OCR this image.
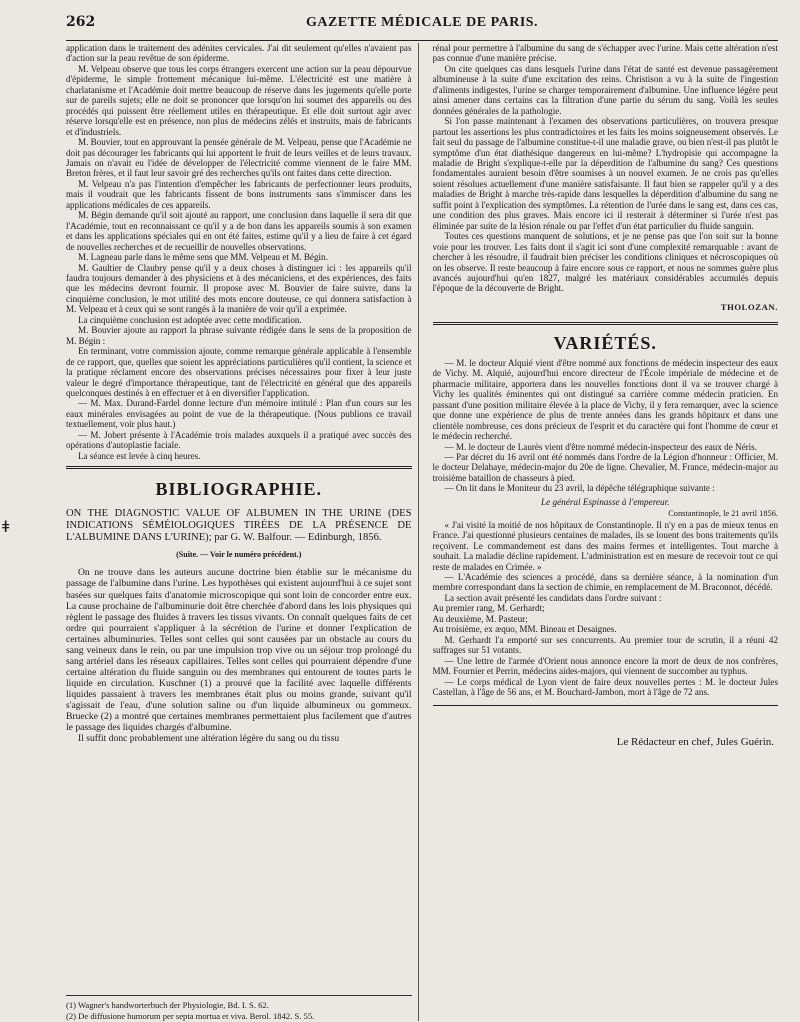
ǂ
262	GAZETTE MÉDICALE DE PARIS.

application dans le traitement des adénites cervicales. J'ai dit seulement qu'elles n'avaient pas d'action sur la peau revêtue de son épiderme.

M. Velpeau observe que tous les corps étrangers exercent une action sur la peau dépourvue d'épiderme, le simple frottement mécanique lui-même. L'électricité est une matière à charlatanisme et l'Académie doit mettre beaucoup de réserve dans les jugements qu'elle porte sur de pareils sujets; elle ne doit se prononcer que lorsqu'on lui soumet des appareils ou des procédés qui puissent être réellement utiles en thérapeutique. Et elle doit surtout agir avec réserve lorsqu'elle est en présence, non plus de médecins zélés et instruits, mais de fabricants et d'industriels.

M. Bouvier, tout en approuvant la pensée générale de M. Velpeau, pense que l'Académie ne doit pas décourager les fabricants qui lui apportent le fruit de leurs veilles et de leurs travaux. Jamais on n'avait eu l'idée de développer de l'électricité comme viennent de le faire MM. Breton frères, et il faut leur savoir gré des recherches qu'ils ont faites dans cette direction.

M. Velpeau n'a pas l'intention d'empêcher les fabricants de perfectionner leurs produits, mais il voudrait que les fabricants fissent de bons instruments sans s'immiscer dans les applications médicales de ces appareils.

M. Bégin demande qu'il soit ajouté au rapport, une conclusion dans laquelle il sera dit que l'Académie, tout en reconnaissant ce qu'il y a de bon dans les appareils soumis à son examen et dans les applications spéciales qui en ont été faites, estime qu'il y a lieu de faire à cet égard de nouvelles recherches et de recueillir de nouvelles observations.

M. Lagneau parle dans le même sens que MM. Velpeau et M. Bégin.

M. Gaultier de Claubry pense qu'il y a deux choses à distinguer ici : les appareils qu'il faudra toujours demander à des physiciens et à des mécaniciens, et des expériences, des faits que les médecins devront fournir. Il propose avec M. Bouvier de faire suivre, dans la cinquième conclusion, le mot utilité des mots encore douteuse, ce qui donnera satisfaction à M. Velpeau et à ceux qui se sont rangés à la manière de voir qu'il a exprimée.

La cinquième conclusion est adoptée avec cette modification.

M. Bouvier ajoute au rapport la phrase suivante rédigée dans le sens de la proposition de M. Bégin :

En terminant, votre commission ajoute, comme remarque générale applicable à l'ensemble de ce rapport, que, quelles que soient les appréciations particulières qu'il contient, la science et la pratique réclament encore des observations précises nécessaires pour fixer à leur juste valeur le degré d'importance thérapeutique, tant de l'électricité en général que des appareils quelconques destinés à en effectuer et à en diversifier l'application.

— M. Max. Durand-Fardel donne lecture d'un mémoire intitulé : Plan d'un cours sur les eaux minérales envisagées au point de vue de la thérapeutique. (Nous publions ce travail textuellement, voir plus haut.)

— M. Jobert présente à l'Académie trois malades auxquels il a pratiqué avec succès des opérations d'autoplastie faciale.

La séance est levée à cinq heures.

BIBLIOGRAPHIE.

ON THE DIAGNOSTIC VALUE OF ALBUMEN IN THE URINE (DES INDICATIONS SÉMÉIOLOGIQUES TIRÉES DE LA PRÉSENCE DE L'ALBUMINE DANS L'URINE); par G. W. Balfour. — Edinburgh, 1856.

(Suite. — Voir le numéro précédent.)

On ne trouve dans les auteurs aucune doctrine bien établie sur le mécanisme du passage de l'albumine dans l'urine. Les hypothèses qui existent aujourd'hui à ce sujet sont basées sur quelques faits d'anatomie microscopique qui sont loin de concorder entre eux. La cause prochaine de l'albuminurie doit être cherchée d'abord dans les lois physiques qui règlent le passage des fluides à travers les tissus vivants. On connaît quelques faits de cet ordre qui pourraient s'appliquer à la sécrétion de l'urine et donner l'explication de certaines albuminuries. Telles sont celles qui sont causées par un obstacle au cours du sang veineux dans le rein, ou par une impulsion trop vive ou un séjour trop prolongé du sang artériel dans les réseaux capillaires. Telles sont celles qui pourraient dépendre d'une certaine altération du fluide sanguin ou des membranes qui entourent de toutes parts le liquide en circulation. Kuschner (1) a prouvé que la facilité avec laquelle différents liquides passaient à travers les membranes était plus ou moins grande, suivant qu'il s'agissait de l'eau, d'une solution saline ou d'un liquide albumineux ou gommeux. Bruecke (2) a montré que certaines membranes permettaient plus facilement que d'autres le passage des liquides chargés d'albumine.

Il suffit donc probablement une altération légère du sang ou du tissu

(1) Wagner's handworterbuch der Physiologie, Bd. I. S. 62.

(2) De diffusione humorum per septa mortua et viva. Berol. 1842. S. 55.

rénal pour permettre à l'albumine du sang de s'échapper avec l'urine. Mais cette altération n'est pas connue d'une manière précise.

On cite quelques cas dans lesquels l'urine dans l'état de santé est devenue passagèrement albumineuse à la suite d'une excitation des reins. Christison a vu à la suite de l'ingestion d'aliments indigestes, l'urine se charger temporairement d'albumine. Une influence légère peut ainsi amener dans certains cas la filtration d'une partie du sérum du sang. Voilà les seules données générales de la pathologie.

Si l'on passe maintenant à l'examen des observations particulières, on trouvera presque partout les assertions les plus contradictoires et les faits les moins soigneusement observés. Le fait seul du passage de l'albumine constitue-t-il une maladie grave, ou bien n'est-il pas plutôt le symptôme d'un état diathésique dangereux en lui-même? L'hydropisie qui accompagne la maladie de Bright s'explique-t-elle par la déperdition de l'albumine du sang? Ces questions fondamentales auraient besoin d'être soumises à un nouvel examen. Je ne crois pas qu'elles soient résolues actuellement d'une manière satisfaisante. Il faut bien se rappeler qu'il y a des maladies de Bright à marche très-rapide dans lesquelles la déperdition d'albumine du sang ne suffit point à l'explication des symptômes. La rétention de l'urée dans le sang est, dans ces cas, une condition des plus graves. Mais encore ici il resterait à déterminer si l'urée n'est pas éliminée par suite de la lésion rénale ou par l'effet d'un état particulier du fluide sanguin.

Toutes ces questions manquent de solutions, et je ne pense pas que l'on soit sur la bonne voie pour les trouver. Les faits dont il s'agit ici sont d'une complexité remarquable : avant de chercher à les résoudre, il faudrait bien préciser les conditions cliniques et nécroscopiques où on les observe. Il reste beaucoup à faire encore sous ce rapport, et nous ne sommes guère plus avancés aujourd'hui qu'en 1827, malgré les matériaux considérables accumulés depuis l'époque de la découverte de Bright.

THOLOZAN.
VARIÉTÉS.

— M. le docteur Alquié vient d'être nommé aux fonctions de médecin inspecteur des eaux de Vichy. M. Alquié, aujourd'hui encore directeur de l'École impériale de médecine et de pharmacie militaire, apportera dans les nouvelles fonctions dont il va se trouver chargé à Vichy les qualités éminentes qui ont distingué sa carrière comme médecin praticien. En passant d'une position militaire élevée à la place de Vichy, il y fera remarquer, avec la science que donne une expérience de plus de trente années dans les grands hôpitaux et dans une clientèle nombreuse, ces dons précieux de l'esprit et du caractère qui font l'homme de cœur et le médecin recherché.

— M. le docteur de Laurès vient d'être nommé médecin-inspecteur des eaux de Néris.

— Par décret du 16 avril ont été nommés dans l'ordre de la Légion d'honneur : Officier, M. le docteur Delahaye, médecin-major du 20e de ligne. Chevalier, M. France, médecin-major au troisième bataillon de chasseurs à pied.

— On lit dans le Moniteur du 23 avril, la dépêche télégraphique suivante :

Le général Espinasse à l'empereur.
Constantinople, le 21 avril 1856.

« J'ai visité la moitié de nos hôpitaux de Constantinople. Il n'y en a pas de mieux tenus en France. J'ai questionné plusieurs centaines de malades, ils se louent des bons traitements qu'ils reçoivent. Le commandement est dans des mains fermes et intelligentes. Tout marche à souhait. La maladie décline rapidement. L'administration est en mesure de recevoir tout ce qui reste de malades en Crimée. »

— L'Académie des sciences a procédé, dans sa dernière séance, à la nomination d'un membre correspondant dans la section de chimie, en remplacement de M. Braconnot, décédé.

La section avait présenté les candidats dans l'ordre suivant :

Au premier rang, M. Gerhardt;

Au deuxième, M. Pasteur;

Au troisième, ex æquo, MM. Bineau et Desaignes.

M. Gerhardt l'a emporté sur ses concurrents. Au premier tour de scrutin, il a réuni 42 suffrages sur 51 votants.

— Une lettre de l'armée d'Orient nous annonce encore la mort de deux de nos confrères, MM. Fournier et Perrin, médecins aides-majors, qui viennent de succomber au typhus.

— Le corps médical de Lyon vient de faire deux nouvelles pertes : M. le docteur Jules Castellan, à l'âge de 56 ans, et M. Bouchard-Jambon, mort à l'âge de 72 ans.

Le Rédacteur en chef, Jules Guérin.
